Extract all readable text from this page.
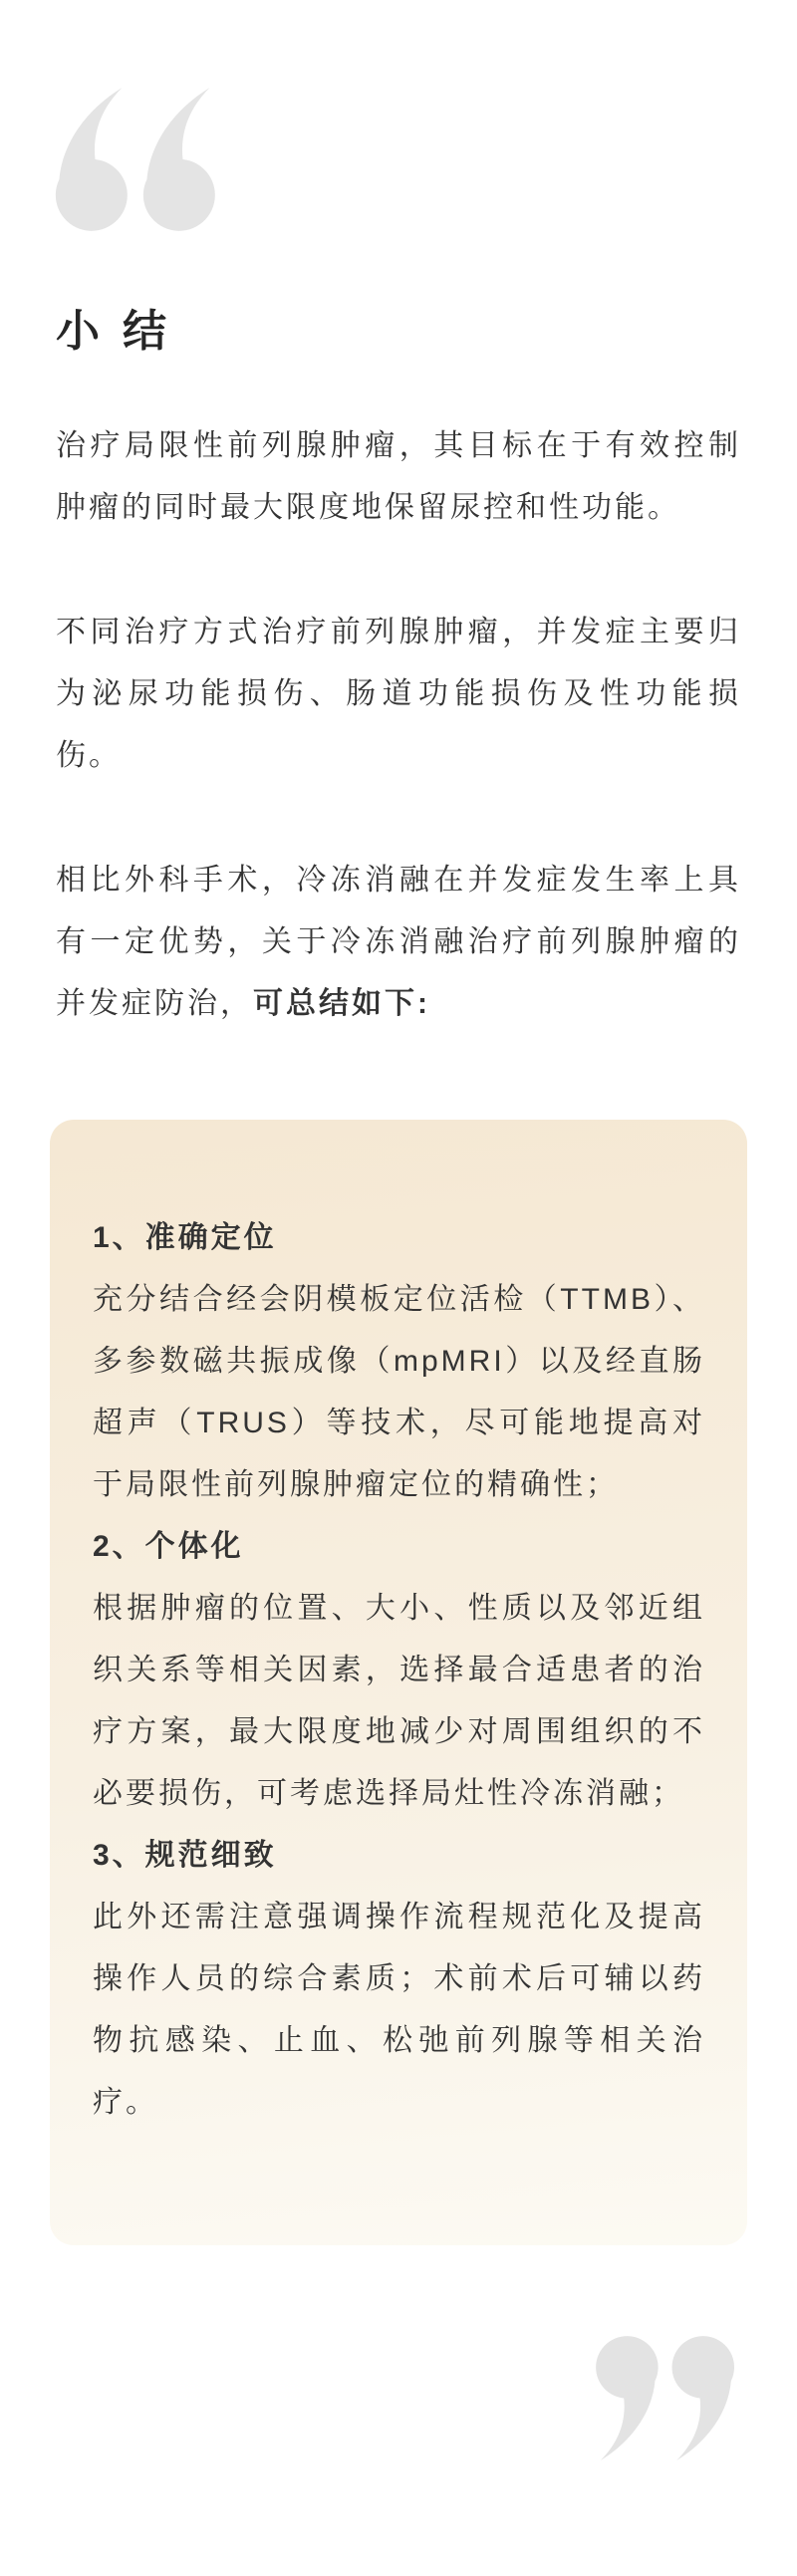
小 结

治疗局限性前列腺肿瘤，其目标在于有效控制肿瘤的同时最大限度地保留尿控和性功能。

不同治疗方式治疗前列腺肿瘤，并发症主要归为泌尿功能损伤、肠道功能损伤及性功能损伤。

相比外科手术，冷冻消融在并发症发生率上具有一定优势，关于冷冻消融治疗前列腺肿瘤的并发症防治，可总结如下:

1、准确定位
充分结合经会阴模板定位活检（TTMB）、多参数磁共振成像（mpMRI）以及经直肠超声（TRUS）等技术，尽可能地提高对于局限性前列腺肿瘤定位的精确性；
2、个体化
根据肿瘤的位置、大小、性质以及邻近组织关系等相关因素，选择最合适患者的治疗方案，最大限度地减少对周围组织的不必要损伤，可考虑选择局灶性冷冻消融；
3、规范细致
此外还需注意强调操作流程规范化及提高操作人员的综合素质；术前术后可辅以药物抗感染、止血、松弛前列腺等相关治疗。
